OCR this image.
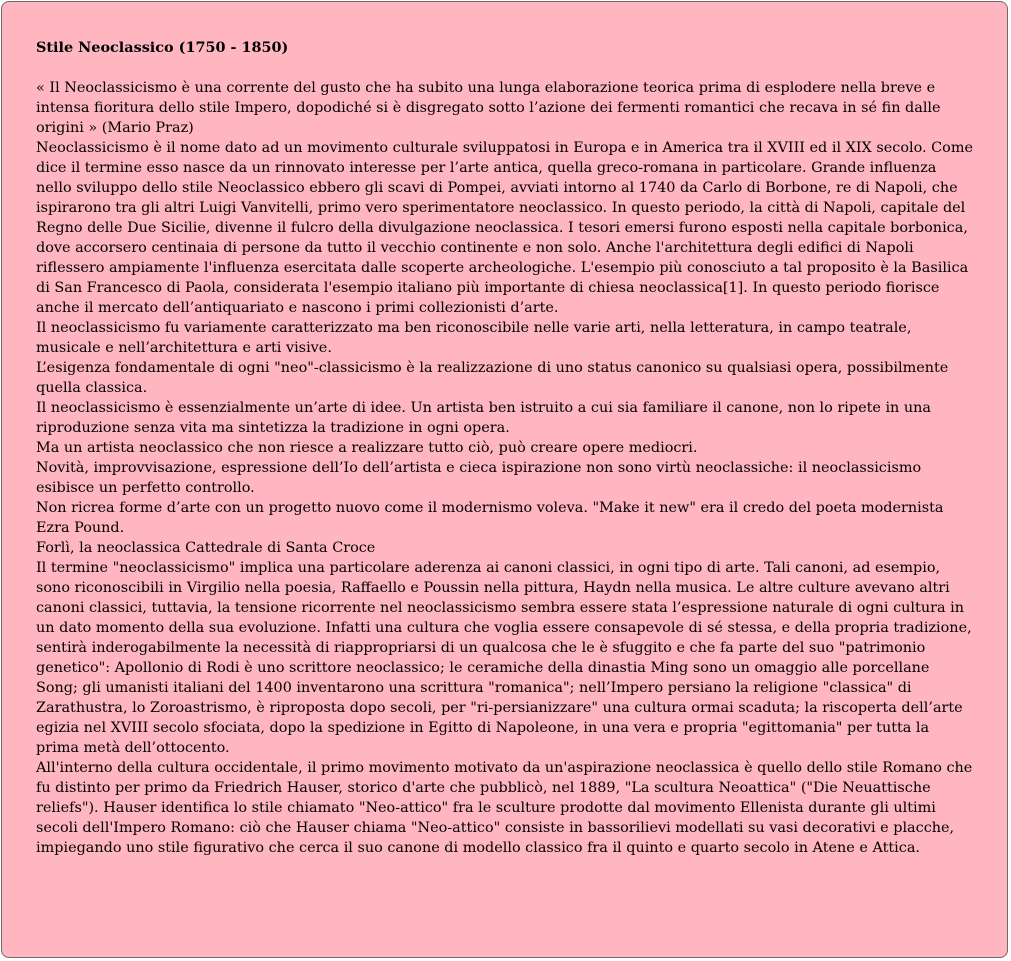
Stile Neoclassico (1750 - 1850)

« Il Neoclassicismo è una corrente del gusto che ha subito una lunga elaborazione teorica prima di esplodere nella breve e intensa fioritura dello stile Impero, dopodiché si è disgregato sotto l’azione dei fermenti romantici che recava in sé fin dalle origini » (Mario Praz)

Neoclassicismo è il nome dato ad un movimento culturale sviluppatosi in Europa e in America tra il XVIII ed il XIX secolo. Come dice il termine esso nasce da un rinnovato interesse per l’arte antica, quella greco-romana in particolare. Grande influenza nello sviluppo dello stile Neoclassico ebbero gli scavi di Pompei, avviati intorno al 1740 da Carlo di Borbone, re di Napoli, che ispirarono tra gli altri Luigi Vanvitelli, primo vero sperimentatore neoclassico. In questo periodo, la città di Napoli, capitale del Regno delle Due Sicilie, divenne il fulcro della divulgazione neoclassica. I tesori emersi furono esposti nella capitale borbonica, dove accorsero centinaia di persone da tutto il vecchio continente e non solo. Anche l'architettura degli edifici di Napoli riflessero ampiamente l'influenza esercitata dalle scoperte archeologiche. L'esempio più conosciuto a tal proposito è la Basilica di San Francesco di Paola, considerata l'esempio italiano più importante di chiesa neoclassica[1]. In questo periodo fiorisce anche il mercato dell’antiquariato e nascono i primi collezionisti d’arte.

Il neoclassicismo fu variamente caratterizzato ma ben riconoscibile nelle varie arti, nella letteratura, in campo teatrale, musicale e nell’architettura e arti visive.

L’esigenza fondamentale di ogni "neo"-classicismo è la realizzazione di uno status canonico su qualsiasi opera, possibilmente quella classica.

Il neoclassicismo è essenzialmente un’arte di idee. Un artista ben istruito a cui sia familiare il canone, non lo ripete in una riproduzione senza vita ma sintetizza la tradizione in ogni opera.

Ma un artista neoclassico che non riesce a realizzare tutto ciò, può creare opere mediocri.

Novità, improvvisazione, espressione dell’Io dell’artista e cieca ispirazione non sono virtù neoclassiche: il neoclassicismo esibisce un perfetto controllo.

Non ricrea forme d’arte con un progetto nuovo come il modernismo voleva. "Make it new" era il credo del poeta modernista Ezra Pound.

Forlì, la neoclassica Cattedrale di Santa Croce

Il termine "neoclassicismo" implica una particolare aderenza ai canoni classici, in ogni tipo di arte. Tali canoni, ad esempio, sono riconoscibili in Virgilio nella poesia, Raffaello e Poussin nella pittura, Haydn nella musica. Le altre culture avevano altri canoni classici, tuttavia, la tensione ricorrente nel neoclassicismo sembra essere stata l’espressione naturale di ogni cultura in un dato momento della sua evoluzione. Infatti una cultura che voglia essere consapevole di sé stessa, e della propria tradizione, sentirà inderogabilmente la necessità di riappropriarsi di un qualcosa che le è sfuggito e che fa parte del suo "patrimonio genetico": Apollonio di Rodi è uno scrittore neoclassico; le ceramiche della dinastia Ming sono un omaggio alle porcellane Song; gli umanisti italiani del 1400 inventarono una scrittura "romanica"; nell’Impero persiano la religione "classica" di Zarathustra, lo Zoroastrismo, è riproposta dopo secoli, per "ri-persianizzare" una cultura ormai scaduta; la riscoperta dell’arte egizia nel XVIII secolo sfociata, dopo la spedizione in Egitto di Napoleone, in una vera e propria "egittomania" per tutta la prima metà dell’ottocento.

All'interno della cultura occidentale, il primo movimento motivato da un'aspirazione neoclassica è quello dello stile Romano che fu distinto per primo da Friedrich Hauser, storico d'arte che pubblicò, nel 1889, "La scultura Neoattica" ("Die Neuattische reliefs"). Hauser identifica lo stile chiamato "Neo-attico" fra le sculture prodotte dal movimento Ellenista durante gli ultimi secoli dell'Impero Romano: ciò che Hauser chiama "Neo-attico" consiste in bassorilievi modellati su vasi decorativi e placche, impiegando uno stile figurativo che cerca il suo canone di modello classico fra il quinto e quarto secolo in Atene e Attica.
